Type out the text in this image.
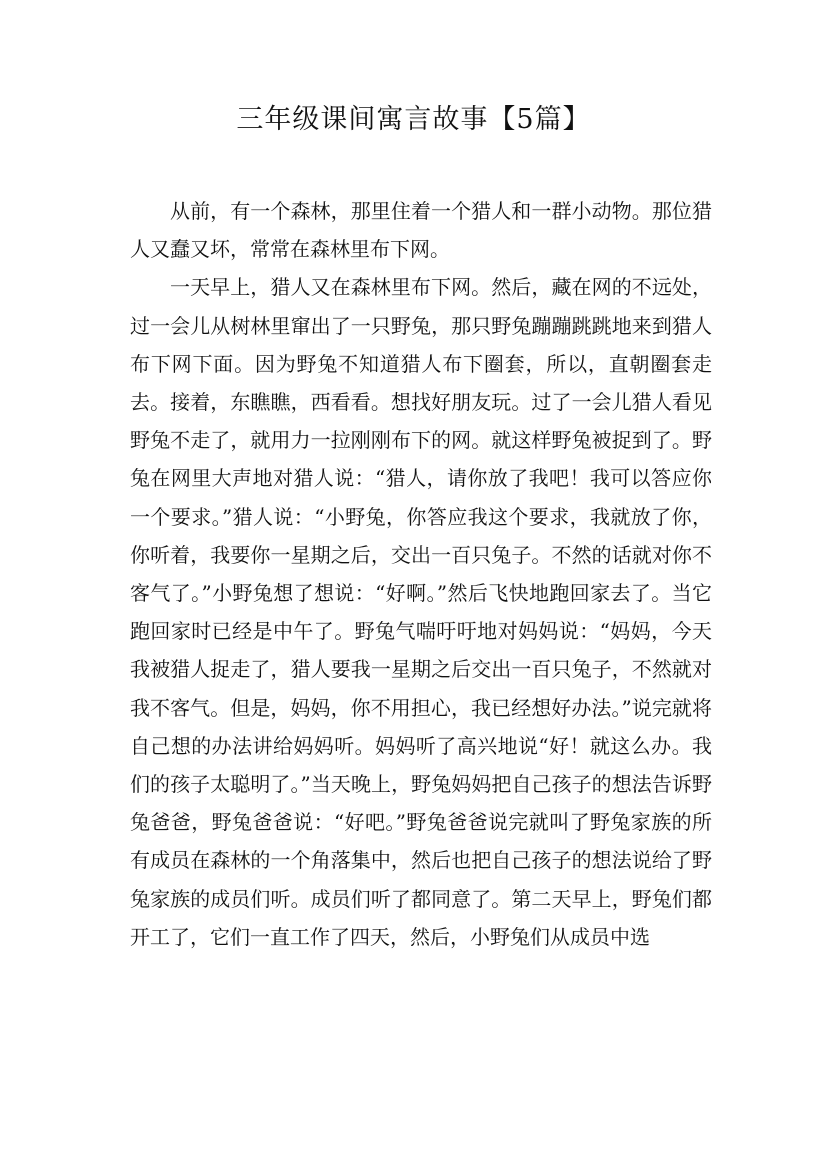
三年级课间寓言故事【5篇】

从前，有一个森林，那里住着一个猎人和一群小动物。那位猎人又蠢又坏，常常在森林里布下网。

一天早上，猎人又在森林里布下网。然后，藏在网的不远处，过一会儿从树林里窜出了一只野兔，那只野兔蹦蹦跳跳地来到猎人布下网下面。因为野兔不知道猎人布下圈套，所以，直朝圈套走去。接着，东瞧瞧，西看看。想找好朋友玩。过了一会儿猎人看见野兔不走了，就用力一拉刚刚布下的网。就这样野兔被捉到了。野兔在网里大声地对猎人说：“猎人，请你放了我吧！我可以答应你一个要求。”猎人说：“小野兔，你答应我这个要求，我就放了你，你听着，我要你一星期之后，交出一百只兔子。不然的话就对你不客气了。”小野兔想了想说：“好啊。”然后飞快地跑回家去了。当它跑回家时已经是中午了。野兔气喘吁吁地对妈妈说：“妈妈，今天我被猎人捉走了，猎人要我一星期之后交出一百只兔子，不然就对我不客气。但是，妈妈，你不用担心，我已经想好办法。”说完就将自己想的办法讲给妈妈听。妈妈听了高兴地说“好！就这么办。我们的孩子太聪明了。”当天晚上，野兔妈妈把自己孩子的想法告诉野兔爸爸，野兔爸爸说：“好吧。”野兔爸爸说完就叫了野兔家族的所有成员在森林的一个角落集中，然后也把自己孩子的想法说给了野兔家族的成员们听。成员们听了都同意了。第二天早上，野兔们都开工了，它们一直工作了四天，然后，小野兔们从成员中选
